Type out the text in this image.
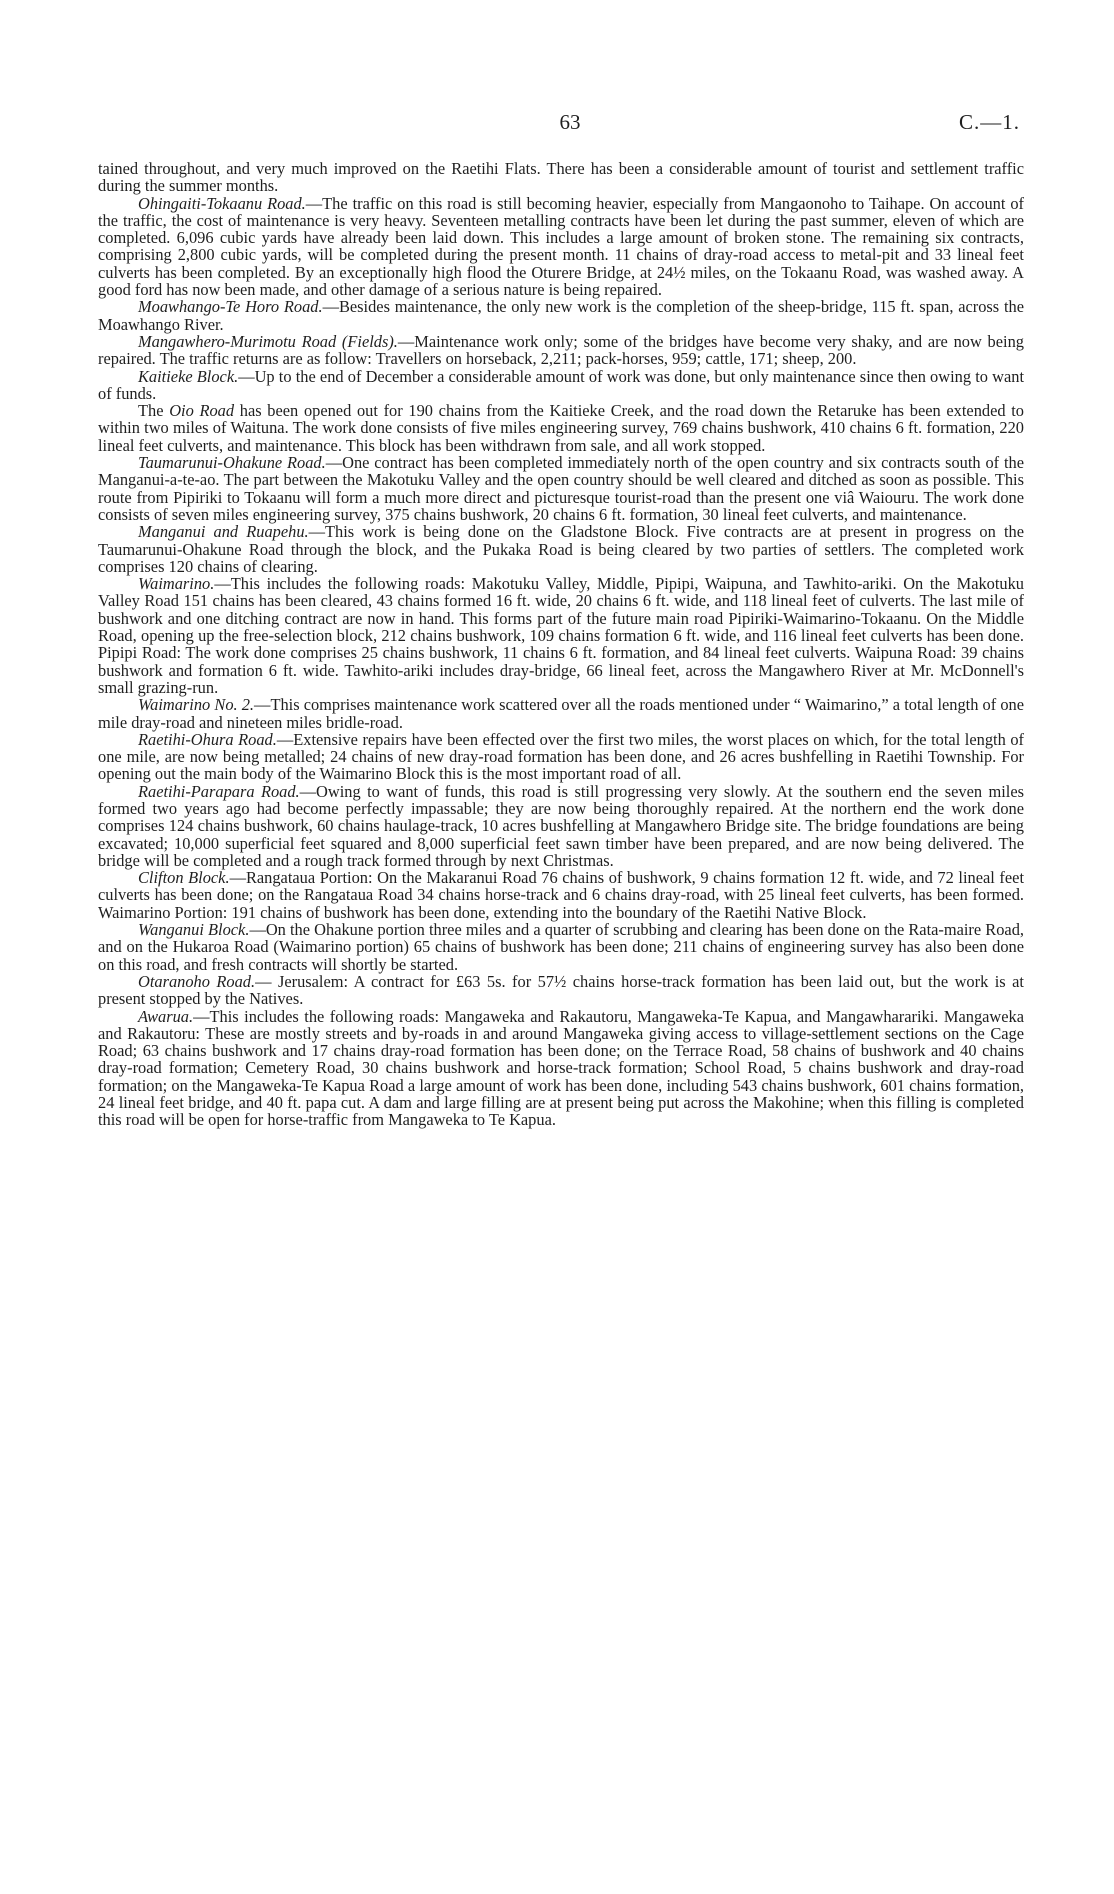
63	C.—1.

tained throughout, and very much improved on the Raetihi Flats. There has been a considerable amount of tourist and settlement traffic during the summer months.

Ohingaiti-Tokaanu Road.—The traffic on this road is still becoming heavier, especially from Mangaonoho to Taihape. On account of the traffic, the cost of maintenance is very heavy. Seventeen metalling contracts have been let during the past summer, eleven of which are completed. 6,096 cubic yards have already been laid down. This includes a large amount of broken stone. The remaining six contracts, comprising 2,800 cubic yards, will be completed during the present month. 11 chains of dray-road access to metal-pit and 33 lineal feet culverts has been completed. By an exceptionally high flood the Oturere Bridge, at 24½ miles, on the Tokaanu Road, was washed away. A good ford has now been made, and other damage of a serious nature is being repaired.

Moawhango-Te Horo Road.—Besides maintenance, the only new work is the completion of the sheep-bridge, 115 ft. span, across the Moawhango River.

Mangawhero-Murimotu Road (Fields).—Maintenance work only; some of the bridges have become very shaky, and are now being repaired. The traffic returns are as follow: Travellers on horseback, 2,211; pack-horses, 959; cattle, 171; sheep, 200.

Kaitieke Block.—Up to the end of December a considerable amount of work was done, but only maintenance since then owing to want of funds.

The Oio Road has been opened out for 190 chains from the Kaitieke Creek, and the road down the Retaruke has been extended to within two miles of Waituna. The work done consists of five miles engineering survey, 769 chains bushwork, 410 chains 6 ft. formation, 220 lineal feet culverts, and maintenance. This block has been withdrawn from sale, and all work stopped.

Taumarunui-Ohakune Road.—One contract has been completed immediately north of the open country and six contracts south of the Manganui-a-te-ao. The part between the Makotuku Valley and the open country should be well cleared and ditched as soon as possible. This route from Pipiriki to Tokaanu will form a much more direct and picturesque tourist-road than the present one viâ Waiouru. The work done consists of seven miles engineering survey, 375 chains bushwork, 20 chains 6 ft. formation, 30 lineal feet culverts, and maintenance.

Manganui and Ruapehu.—This work is being done on the Gladstone Block. Five contracts are at present in progress on the Taumarunui-Ohakune Road through the block, and the Pukaka Road is being cleared by two parties of settlers. The completed work comprises 120 chains of clearing.

Waimarino.—This includes the following roads: Makotuku Valley, Middle, Pipipi, Waipuna, and Tawhito-ariki. On the Makotuku Valley Road 151 chains has been cleared, 43 chains formed 16 ft. wide, 20 chains 6 ft. wide, and 118 lineal feet of culverts. The last mile of bushwork and one ditching contract are now in hand. This forms part of the future main road Pipiriki-Waimarino-Tokaanu. On the Middle Road, opening up the free-selection block, 212 chains bushwork, 109 chains formation 6 ft. wide, and 116 lineal feet culverts has been done. Pipipi Road: The work done comprises 25 chains bushwork, 11 chains 6 ft. formation, and 84 lineal feet culverts. Waipuna Road: 39 chains bushwork and formation 6 ft. wide. Tawhito-ariki includes dray-bridge, 66 lineal feet, across the Mangawhero River at Mr. McDonnell's small grazing-run.

Waimarino No. 2.—This comprises maintenance work scattered over all the roads mentioned under “ Waimarino,” a total length of one mile dray-road and nineteen miles bridle-road.

Raetihi-Ohura Road.—Extensive repairs have been effected over the first two miles, the worst places on which, for the total length of one mile, are now being metalled; 24 chains of new dray-road formation has been done, and 26 acres bushfelling in Raetihi Township. For opening out the main body of the Waimarino Block this is the most important road of all.

Raetihi-Parapara Road.—Owing to want of funds, this road is still progressing very slowly. At the southern end the seven miles formed two years ago had become perfectly impassable; they are now being thoroughly repaired. At the northern end the work done comprises 124 chains bushwork, 60 chains haulage-track, 10 acres bushfelling at Mangawhero Bridge site. The bridge foundations are being excavated; 10,000 superficial feet squared and 8,000 superficial feet sawn timber have been prepared, and are now being delivered. The bridge will be completed and a rough track formed through by next Christmas.

Clifton Block.—Rangataua Portion: On the Makaranui Road 76 chains of bushwork, 9 chains formation 12 ft. wide, and 72 lineal feet culverts has been done; on the Rangataua Road 34 chains horse-track and 6 chains dray-road, with 25 lineal feet culverts, has been formed. Waimarino Portion: 191 chains of bushwork has been done, extending into the boundary of the Raetihi Native Block.

Wanganui Block.—On the Ohakune portion three miles and a quarter of scrubbing and clearing has been done on the Rata-maire Road, and on the Hukaroa Road (Waimarino portion) 65 chains of bushwork has been done; 211 chains of engineering survey has also been done on this road, and fresh contracts will shortly be started.

Otaranoho Road.— Jerusalem: A contract for £63 5s. for 57½ chains horse-track formation has been laid out, but the work is at present stopped by the Natives.

Awarua.—This includes the following roads: Mangaweka and Rakautoru, Mangaweka-Te Kapua, and Mangawharariki. Mangaweka and Rakautoru: These are mostly streets and by-roads in and around Mangaweka giving access to village-settlement sections on the Cage Road; 63 chains bushwork and 17 chains dray-road formation has been done; on the Terrace Road, 58 chains of bushwork and 40 chains dray-road formation; Cemetery Road, 30 chains bushwork and horse-track formation; School Road, 5 chains bushwork and dray-road formation; on the Mangaweka-Te Kapua Road a large amount of work has been done, including 543 chains bushwork, 601 chains formation, 24 lineal feet bridge, and 40 ft. papa cut. A dam and large filling are at present being put across the Makohine; when this filling is completed this road will be open for horse-traffic from Mangaweka to Te Kapua.
